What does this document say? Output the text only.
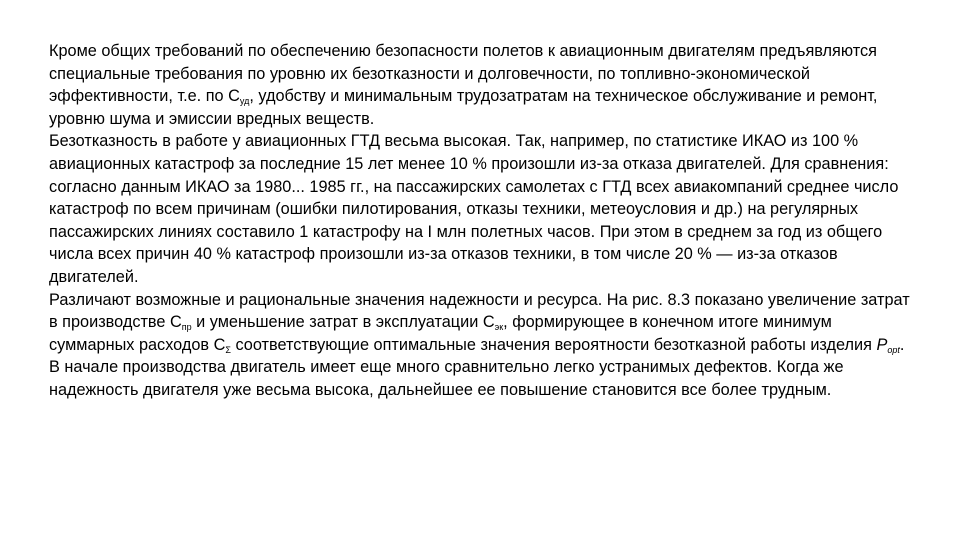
Кроме общих требований по обеспечению безопасности полетов к авиационным двигателям предъявляются специальные требования по уровню их безотказности и долговечности, по топливно-экономической эффективности, т.е. по $С_{уд}$, удобству и минимальным трудозатратам на техническое обслуживание и ремонт, уровню шума и эмиссии вредных веществ.

Безотказность в работе у авиационных ГТД весьма высокая. Так, например, по статистике ИКАО из 100 % авиационных катастроф за последние 15 лет менее 10 % произошли из-за отказа двигателей. Для сравнения: согласно данным ИКАО за 1980... 1985 гг., на пассажирских самолетах с ГТД всех авиакомпаний среднее число катастроф по всем причинам (ошибки пилотирования, отказы техники, метеоусловия и др.) на регулярных пассажирских линиях составило 1 катастрофу на I млн полетных часов. При этом в среднем за год из общего числа всех причин 40 % катастроф произошли из-за отказов техники, в том числе 20 % — из-за отказов двигателей.

Различают возможные и рациональные значения надежности и ресурса. На рис. 8.3 показано увеличение затрат в производстве $С_{пр}$ и уменьшение затрат в эксплуатации $С_{эк}$, формирующее в конечном итоге минимум суммарных расходов $С_\Sigma$ соответствующие оптимальные значения вероятности безотказной работы изделия $Р_{opt}$.

В начале производства двигатель имеет еще много сравнительно легко устранимых дефектов. Когда же надежность двигателя уже весьма высока, дальнейшее ее повышение становится все более трудным.
